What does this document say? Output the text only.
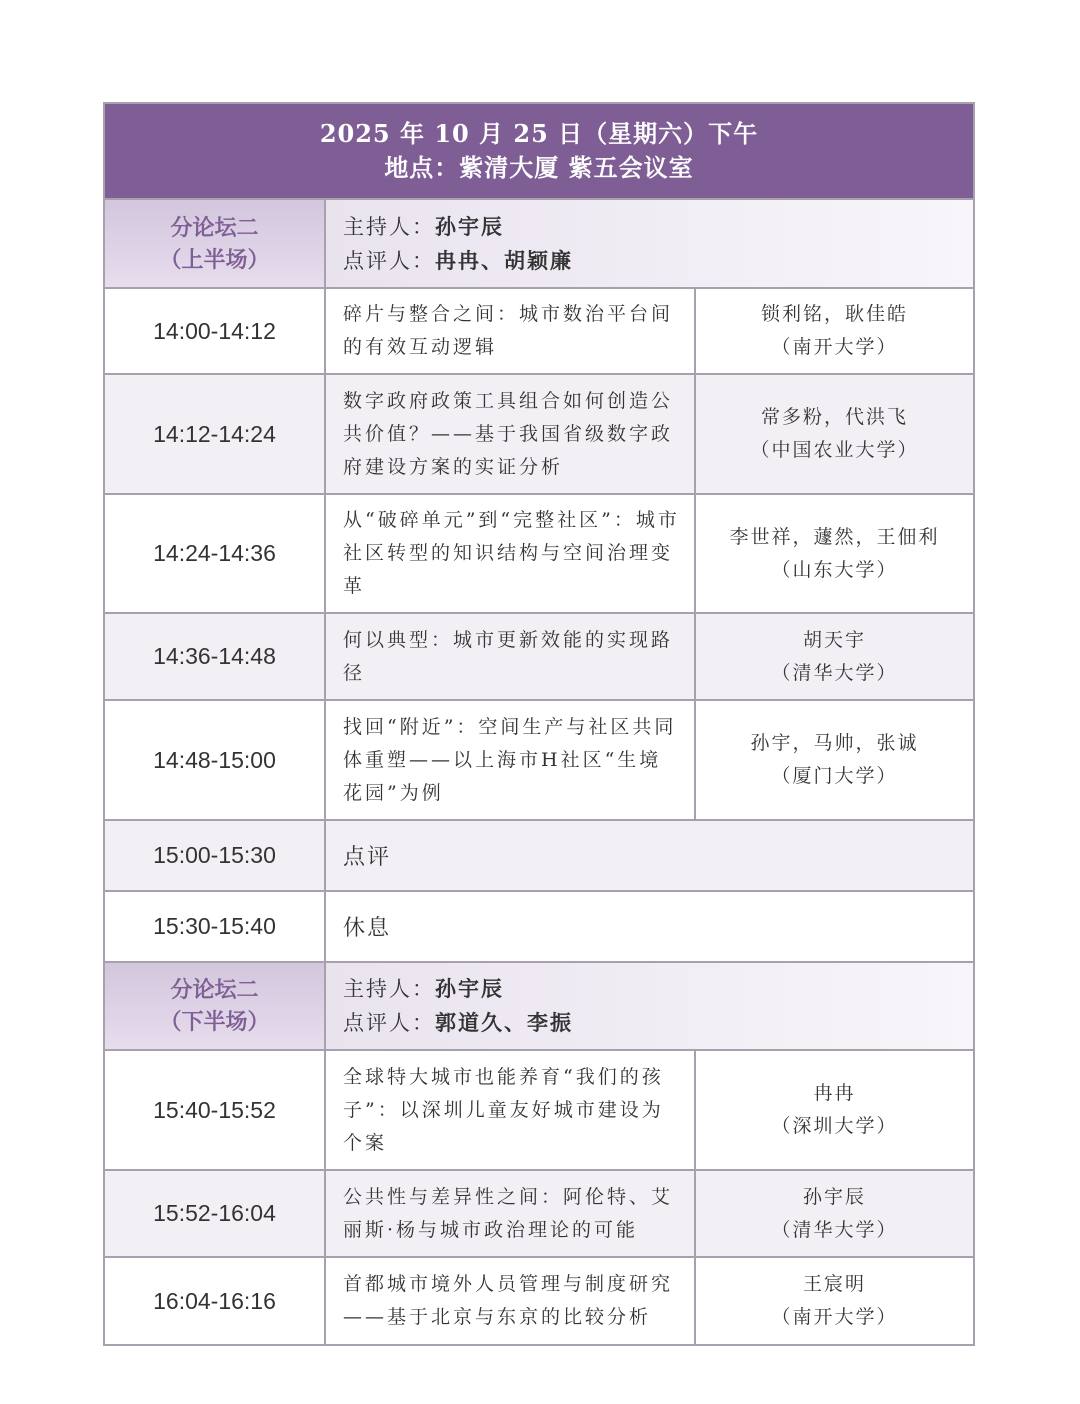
2025 年 10 月 25 日（星期六）下午
地点：紫清大厦 紫五会议室
分论坛二
（上半场）
主持人：孙宇辰
点评人：冉冉、胡颖廉
14:00-14:12
碎片与整合之间：城市数治平台间的有效互动逻辑
锁利铭，耿佳皓
（南开大学）
14:12-14:24
数字政府政策工具组合如何创造公共价值？——基于我国省级数字政府建设方案的实证分析
常多粉，代洪飞
（中国农业大学）
14:24-14:36
从“破碎单元”到“完整社区”：城市社区转型的知识结构与空间治理变革
李世祥，蘧然，王佃利
（山东大学）
14:36-14:48
何以典型：城市更新效能的实现路径
胡天宇
（清华大学）
14:48-15:00
找回“附近”：空间生产与社区共同体重塑——以上海市H社区“生境花园”为例
孙宇，马帅，张诚
（厦门大学）
15:00-15:30	点评
15:30-15:40	休息
分论坛二
（下半场）
主持人：孙宇辰
点评人：郭道久、李振
15:40-15:52
全球特大城市也能养育“我们的孩子”：以深圳儿童友好城市建设为个案
冉冉
（深圳大学）
15:52-16:04
公共性与差异性之间：阿伦特、艾丽斯·杨与城市政治理论的可能
孙宇辰
（清华大学）
16:04-16:16
首都城市境外人员管理与制度研究——基于北京与东京的比较分析
王宸明
（南开大学）
